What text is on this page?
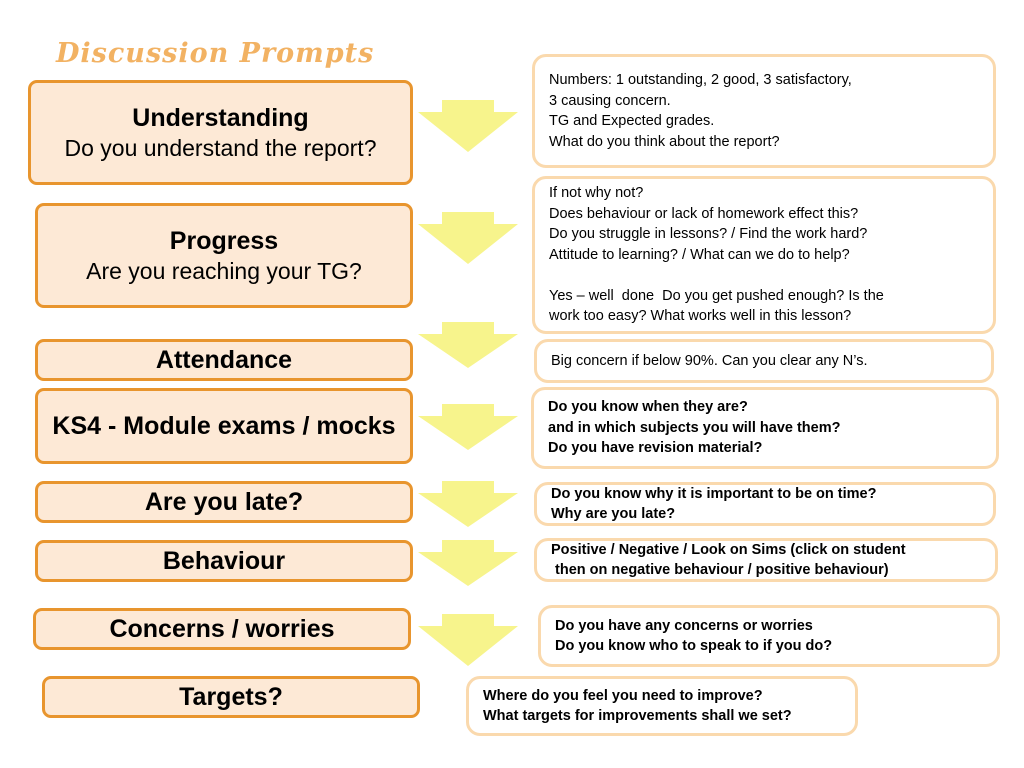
Discussion Prompts
Understanding
Do you understand the report?
Numbers: 1 outstanding, 2 good, 3 satisfactory,
3 causing concern.
TG and Expected grades.
What do you think about the report?
Progress
Are you reaching your TG?
If not why not?
Does behaviour or lack of homework effect this?
Do you struggle in lessons? / Find the work hard?
Attitude to learning? / What can we do to help?
Yes – well  done  Do you get pushed enough? Is the
work too easy? What works well in this lesson?
Attendance	Big concern if below 90%. Can you clear any N’s.
KS4 - Module exams / mocks
Do you know when they are?
and in which subjects you will have them?
Do you have revision material?
Are you late?	Do you know why it is important to be on time?
Why are you late?
Behaviour	Positive / Negative / Look on Sims (click on student
then on negative behaviour / positive behaviour)
Concerns / worries	Do you have any concerns or worries
Do you know who to speak to if you do?
Targets?	Where do you feel you need to improve?
What targets for improvements shall we set?
